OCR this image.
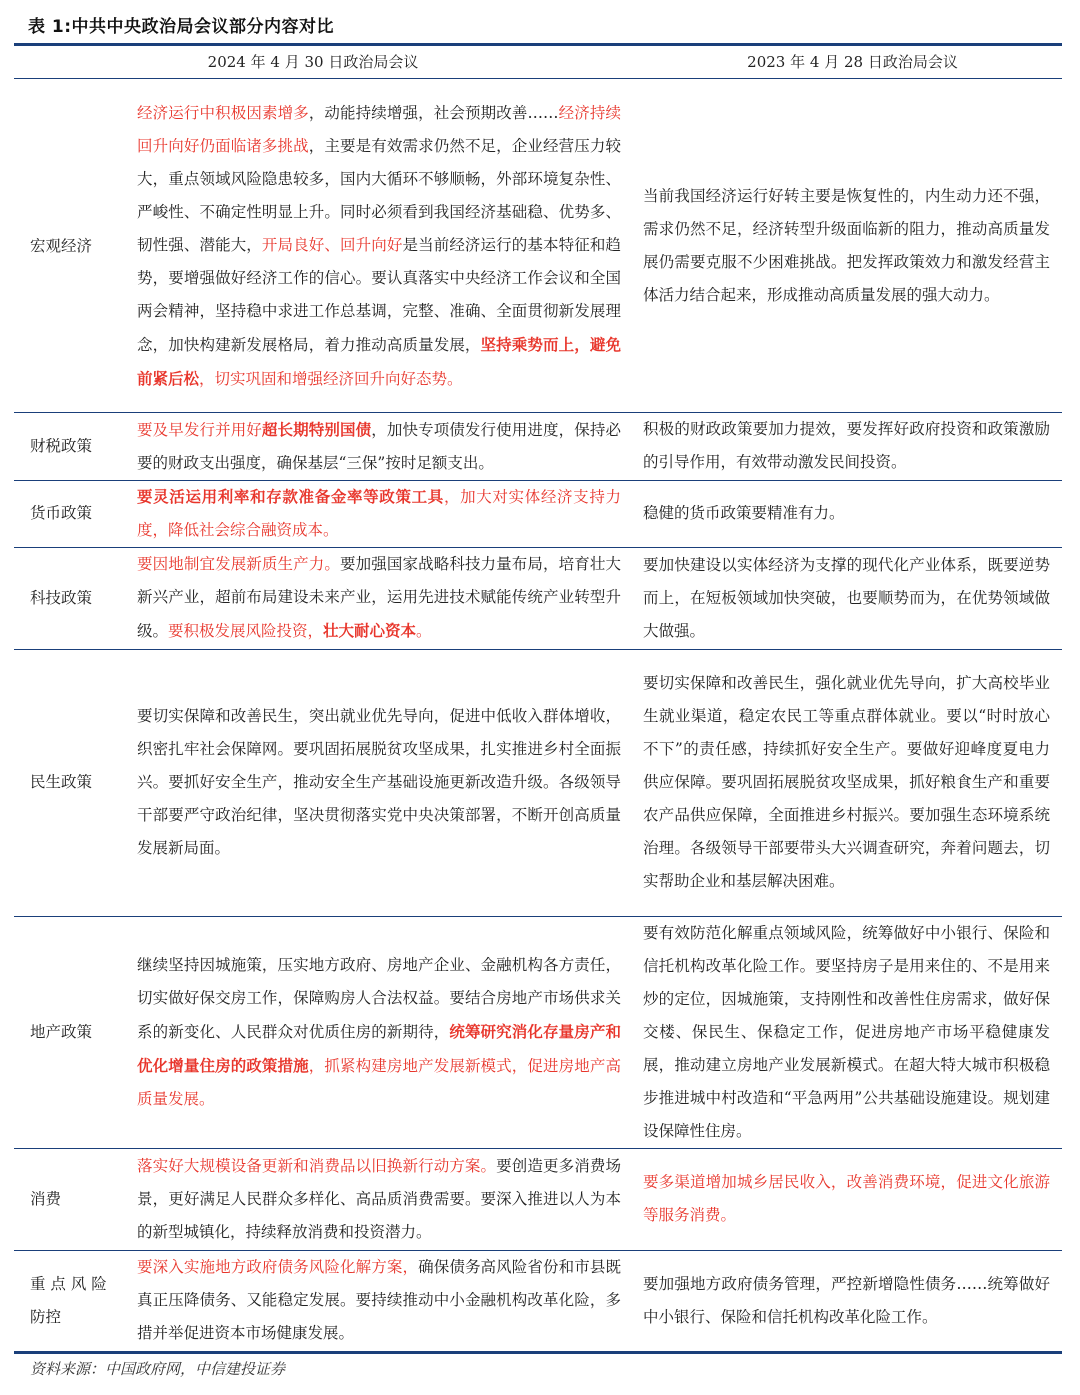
表 1:中共中央政治局会议部分内容对比
2024 年 4 月 30 日政治局会议	2023 年 4 月 28 日政治局会议
宏观经济
经济运行中积极因素增多，动能持续增强，社会预期改善……经济持续回升向好仍面临诸多挑战，主要是有效需求仍然不足，企业经营压力较大，重点领域风险隐患较多，国内大循环不够顺畅，外部环境复杂性、严峻性、不确定性明显上升。同时必须看到我国经济基础稳、优势多、韧性强、潜能大，开局良好、回升向好是当前经济运行的基本特征和趋势，要增强做好经济工作的信心。要认真落实中央经济工作会议和全国两会精神，坚持稳中求进工作总基调，完整、准确、全面贯彻新发展理念，加快构建新发展格局，着力推动高质量发展，坚持乘势而上，避免前紧后松，切实巩固和增强经济回升向好态势。
当前我国经济运行好转主要是恢复性的，内生动力还不强，需求仍然不足，经济转型升级面临新的阻力，推动高质量发展仍需要克服不少困难挑战。把发挥政策效力和激发经营主体活力结合起来，形成推动高质量发展的强大动力。
财税政策
要及早发行并用好超长期特别国债，加快专项债发行使用进度，保持必要的财政支出强度，确保基层“三保”按时足额支出。
积极的财政政策要加力提效，要发挥好政府投资和政策激励的引导作用，有效带动激发民间投资。
货币政策
要灵活运用利率和存款准备金率等政策工具，加大对实体经济支持力度，降低社会综合融资成本。
稳健的货币政策要精准有力。
科技政策
要因地制宜发展新质生产力。要加强国家战略科技力量布局，培育壮大新兴产业，超前布局建设未来产业，运用先进技术赋能传统产业转型升级。要积极发展风险投资，壮大耐心资本。
要加快建设以实体经济为支撑的现代化产业体系，既要逆势而上，在短板领域加快突破，也要顺势而为，在优势领域做大做强。
民生政策
要切实保障和改善民生，突出就业优先导向，促进中低收入群体增收，织密扎牢社会保障网。要巩固拓展脱贫攻坚成果，扎实推进乡村全面振兴。要抓好安全生产，推动安全生产基础设施更新改造升级。各级领导干部要严守政治纪律，坚决贯彻落实党中央决策部署，不断开创高质量发展新局面。
要切实保障和改善民生，强化就业优先导向，扩大高校毕业生就业渠道，稳定农民工等重点群体就业。要以“时时放心不下”的责任感，持续抓好安全生产。要做好迎峰度夏电力供应保障。要巩固拓展脱贫攻坚成果，抓好粮食生产和重要农产品供应保障，全面推进乡村振兴。要加强生态环境系统治理。各级领导干部要带头大兴调查研究，奔着问题去，切实帮助企业和基层解决困难。
地产政策
继续坚持因城施策，压实地方政府、房地产企业、金融机构各方责任，切实做好保交房工作，保障购房人合法权益。要结合房地产市场供求关系的新变化、人民群众对优质住房的新期待，统筹研究消化存量房产和优化增量住房的政策措施，抓紧构建房地产发展新模式，促进房地产高质量发展。
要有效防范化解重点领域风险，统筹做好中小银行、保险和信托机构改革化险工作。要坚持房子是用来住的、不是用来炒的定位，因城施策，支持刚性和改善性住房需求，做好保交楼、保民生、保稳定工作，促进房地产市场平稳健康发展，推动建立房地产业发展新模式。在超大特大城市积极稳步推进城中村改造和“平急两用”公共基础设施建设。规划建设保障性住房。
消费
落实好大规模设备更新和消费品以旧换新行动方案。要创造更多消费场景，更好满足人民群众多样化、高品质消费需要。要深入推进以人为本的新型城镇化，持续释放消费和投资潜力。
要多渠道增加城乡居民收入，改善消费环境，促进文化旅游等服务消费。
重 点 风 险 防控
要深入实施地方政府债务风险化解方案，确保债务高风险省份和市县既真正压降债务、又能稳定发展。要持续推动中小金融机构改革化险，多措并举促进资本市场健康发展。
要加强地方政府债务管理，严控新增隐性债务……统筹做好中小银行、保险和信托机构改革化险工作。
资料来源：中国政府网，中信建投证券
